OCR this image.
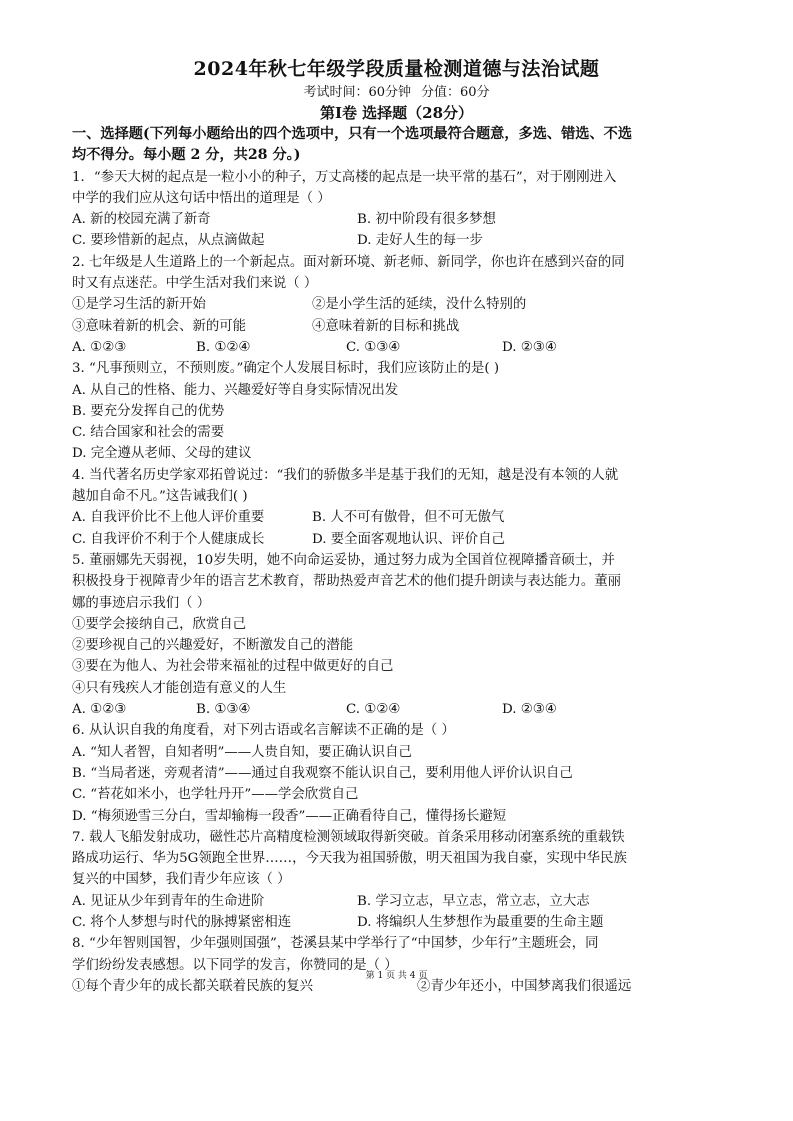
2024年秋七年级学段质量检测道德与法治试题
考试时间：60分钟 分值：60分
第Ⅰ卷 选择题（28分）
一、选择题(下列每小题给出的四个选项中，只有一个选项最符合题意，多选、错选、不选
均不得分。每小题 2 分，共28 分。)
1．“参天大树的起点是一粒小小的种子，万丈高楼的起点是一块平常的基石”，对于刚刚进入
中学的我们应从这句话中悟出的道理是（ ）
A. 新的校园充满了新奇	B. 初中阶段有很多梦想
C. 要珍惜新的起点，从点滴做起	D. 走好人生的每一步
2. 七年级是人生道路上的一个新起点。面对新环境、新老师、新同学，你也许在感到兴奋的同
时又有点迷茫。中学生活对我们来说（ ）
①是学习生活的新开始	②是小学生活的延续，没什么特别的
③意味着新的机会、新的可能	④意味着新的目标和挑战
A. ①②③	B. ①②④	C. ①③④	D. ②③④
3. “凡事预则立，不预则废。”确定个人发展目标时，我们应该防止的是( )
A. 从自己的性格、能力、兴趣爱好等自身实际情况出发
B. 要充分发挥自己的优势
C. 结合国家和社会的需要
D. 完全遵从老师、父母的建议
4. 当代著名历史学家邓拓曾说过：“我们的骄傲多半是基于我们的无知，越是没有本领的人就
越加自命不凡。”这告诫我们( )
A. 自我评价比不上他人评价重要	B. 人不可有傲骨，但不可无傲气
C. 自我评价不利于个人健康成长	D. 要全面客观地认识、评价自己
5. 董丽娜先天弱视，10岁失明，她不向命运妥协，通过努力成为全国首位视障播音硕士，并
积极投身于视障青少年的语言艺术教育，帮助热爱声音艺术的他们提升朗读与表达能力。董丽
娜的事迹启示我们（ ）
①要学会接纳自己，欣赏自己
②要珍视自己的兴趣爱好，不断激发自己的潜能
③要在为他人、为社会带来福祉的过程中做更好的自己
④只有残疾人才能创造有意义的人生
A. ①②③	B. ①③④	C. ①②④	D. ②③④
6. 从认识自我的角度看，对下列古语或名言解读不正确的是（ ）
A. “知人者智，自知者明”——人贵自知，要正确认识自己
B. “当局者迷，旁观者清”——通过自我观察不能认识自己，要利用他人评价认识自己
C. “苔花如米小，也学牡丹开”——学会欣赏自己
D. “梅须逊雪三分白，雪却输梅一段香”——正确看待自己，懂得扬长避短
7. 载人飞船发射成功，磁性芯片高精度检测领域取得新突破。首条采用移动闭塞系统的重载铁
路成功运行、华为5G领跑全世界……，今天我为祖国骄傲，明天祖国为我自豪，实现中华民族
复兴的中国梦，我们青少年应该（ ）
A. 见证从少年到青年的生命进阶	B. 学习立志，早立志，常立志，立大志
C. 将个人梦想与时代的脉搏紧密相连	D. 将编织人生梦想作为最重要的生命主题
8. “少年智则国智，少年强则国强”，苍溪县某中学举行了“中国梦，少年行”主题班会，同
学们纷纷发表感想。以下同学的发言，你赞同的是（ ）
①每个青少年的成长都关联着民族的复兴	②青少年还小，中国梦离我们很遥远
第 1 页 共 4 页
